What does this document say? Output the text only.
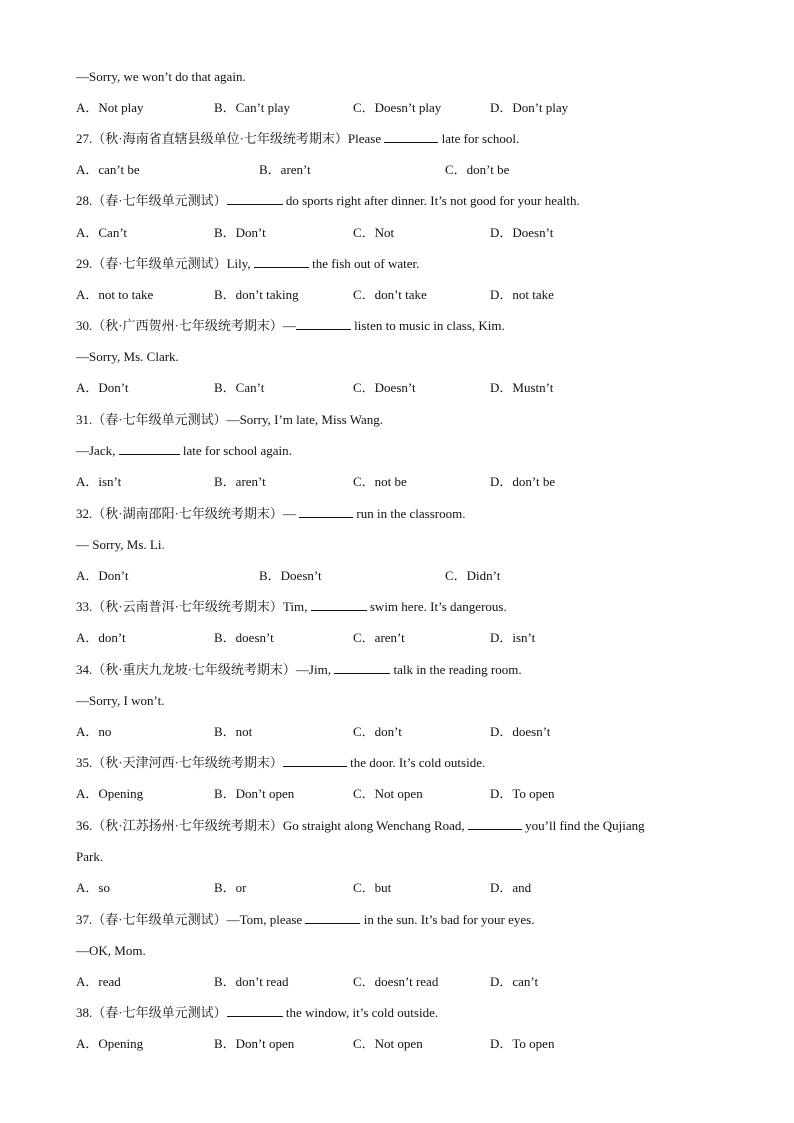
—Sorry, we won’t do that again.
A．Not play	B．Can’t play	C．Doesn’t play	D．Don’t play
27.（秋·海南省直辖县级单位·七年级统考期末）Please	late for school.
A．can’t be	B．aren’t	C．don’t be
28.（春·七年级单元测试）	do sports right after dinner. It’s not good for your health.
A．Can’t	B．Don’t	C．Not	D．Doesn’t
29.（春·七年级单元测试）Lily,	the fish out of water.
A．not to take	B．don’t taking	C．don’t take	D．not take
30.（秋·广西贺州·七年级统考期末）—	listen to music in class, Kim.
—Sorry, Ms. Clark.
A．Don’t	B．Can’t	C．Doesn’t	D．Mustn’t
31.（春·七年级单元测试）—Sorry, I’m late, Miss Wang.
—Jack,	late for school again.
A．isn’t	B．aren’t	C．not be	D．don’t be
32.（秋·湖南邵阳·七年级统考期末）—	run in the classroom.
— Sorry, Ms. Li.
A．Don’t	B．Doesn’t	C．Didn’t
33.（秋·云南普洱·七年级统考期末）Tim,	swim here. It’s dangerous.
A．don’t	B．doesn’t	C．aren’t	D．isn’t
34.（秋·重庆九龙坡·七年级统考期末）—Jim,	talk in the reading room.
—Sorry, I won’t.
A．no	B．not	C．don’t	D．doesn’t
35.（秋·天津河西·七年级统考期末）	the door. It’s cold outside.
A．Opening	B．Don’t open	C．Not open	D．To open
36.（秋·江苏扬州·七年级统考期末）Go straight along Wenchang Road,	you’ll find the Qujiang
Park.
A．so	B．or	C．but	D．and
37.（春·七年级单元测试）—Tom, please	in the sun. It’s bad for your eyes.
—OK, Mom.
A．read	B．don’t read	C．doesn’t read	D．can’t
38.（春·七年级单元测试）	the window, it’s cold outside.
A．Opening	B．Don’t open	C．Not open	D．To open
